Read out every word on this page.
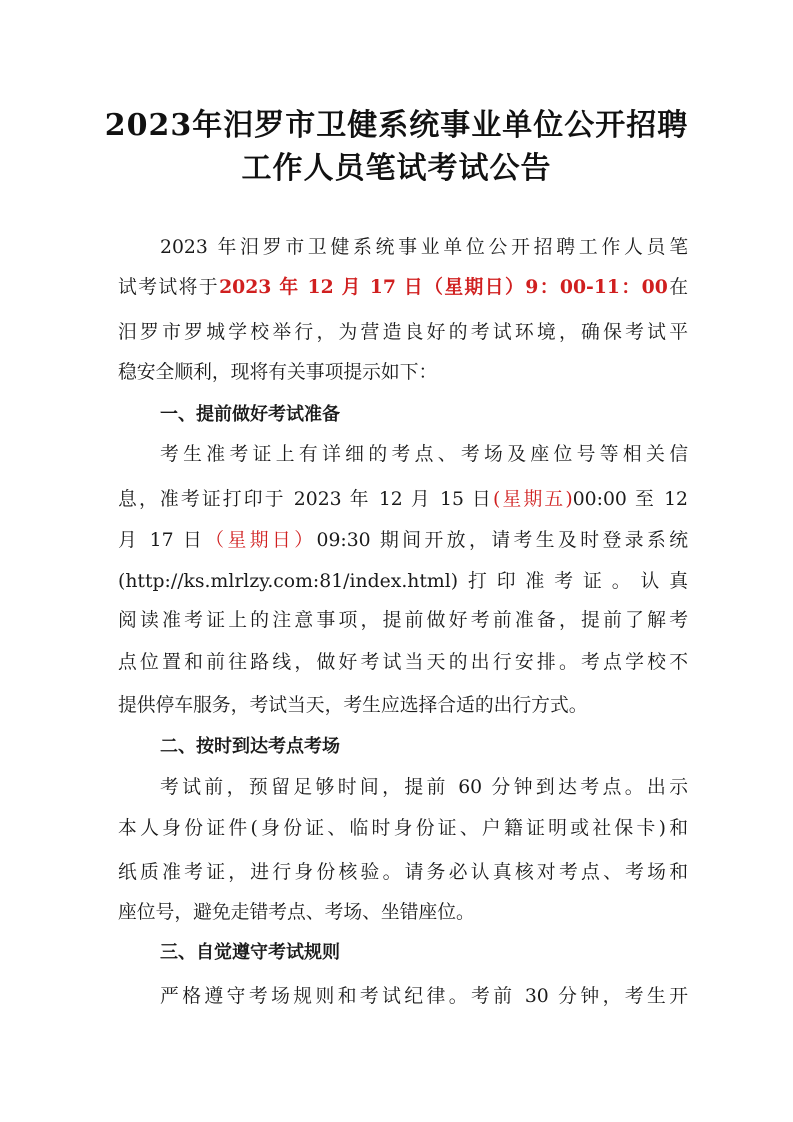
2023年汨罗市卫健系统事业单位公开招聘
工作人员笔试考试公告
2023 年汨罗市卫健系统事业单位公开招聘工作人员笔
试考试将于2023 年 12 月 17 日（星期日）9：00-11：00在
汨罗市罗城学校举行，为营造良好的考试环境，确保考试平
稳安全顺利，现将有关事项提示如下：
一、提前做好考试准备
考生准考证上有详细的考点、考场及座位号等相关信
息，准考证打印于 2023 年 12 月 15 日(星期五)00:00 至 12
月 17 日（星期日）09:30 期间开放，请考生及时登录系统
(http://ks.mlrlzy.com:81/index.html)打印准考证。认真
阅读准考证上的注意事项，提前做好考前准备，提前了解考
点位置和前往路线，做好考试当天的出行安排。考点学校不
提供停车服务，考试当天，考生应选择合适的出行方式。
二、按时到达考点考场
考试前，预留足够时间，提前 60 分钟到达考点。出示
本人身份证件(身份证、临时身份证、户籍证明或社保卡)和
纸质准考证，进行身份核验。请务必认真核对考点、考场和
座位号，避免走错考点、考场、坐错座位。
三、自觉遵守考试规则
严格遵守考场规则和考试纪律。考前 30 分钟，考生开
